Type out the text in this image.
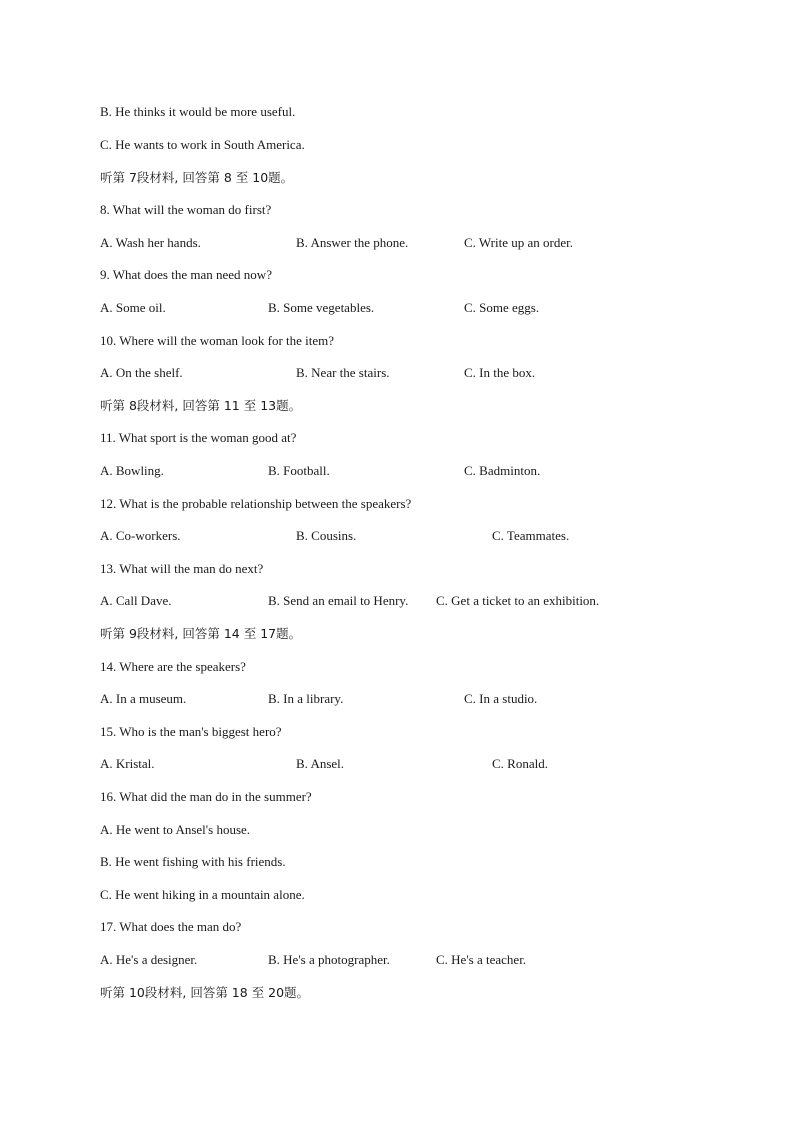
B. He thinks it would be more useful.
C. He wants to work in South America.
听第 7段材料, 回答第 8 至 10题。
8. What will the woman do first?
A. Wash her hands.	B. Answer the phone.	C. Write up an order.
9. What does the man need now?
A. Some oil.	B. Some vegetables.	C. Some eggs.
10. Where will the woman look for the item?
A. On the shelf.	B. Near the stairs.	C. In the box.
听第 8段材料, 回答第 11 至 13题。
11. What sport is the woman good at?
A. Bowling.	B. Football.	C. Badminton.
12. What is the probable relationship between the speakers?
A. Co-workers.	B. Cousins.	C. Teammates.
13. What will the man do next?
A. Call Dave.	B. Send an email to Henry. C. Get a ticket to an exhibition.
听第 9段材料, 回答第 14 至 17题。
14. Where are the speakers?
A. In a museum.	B. In a library.	C. In a studio.
15. Who is the man's biggest hero?
A. Kristal.	B. Ansel.	C. Ronald.
16. What did the man do in the summer?
A. He went to Ansel's house.
B. He went fishing with his friends.
C. He went hiking in a mountain alone.
17. What does the man do?
A. He's a designer.	B. He's a photographer.	C. He's a teacher.
听第 10段材料, 回答第 18 至 20题。
